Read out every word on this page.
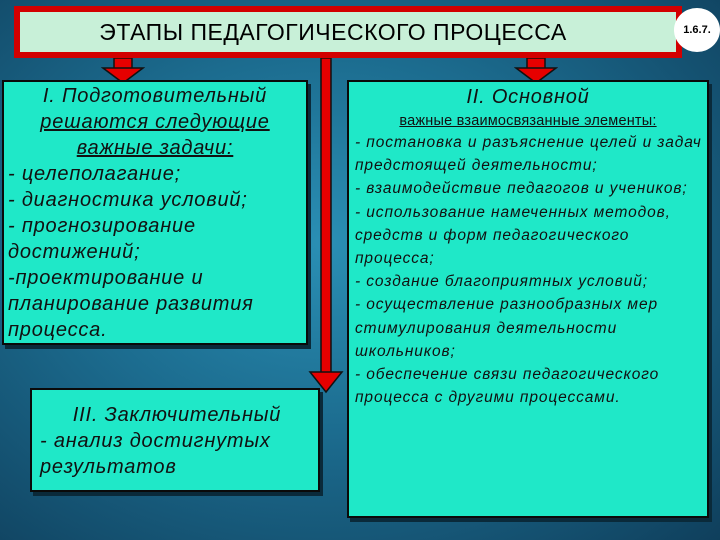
ЭТАПЫ ПЕДАГОГИЧЕСКОГО ПРОЦЕССА	1.6.7.
I. Подготовительный
решаются следующие важные задачи:
- целеполагание;
- диагностика условий;
- прогнозирование достижений;
-проектирование и планирование развития процесса.
III. Заключительный
- анализ достигнутых результатов
II. Основной
важные взаимосвязанные элементы:
- постановка и разъяснение целей и задач предстоящей деятельности;
- взаимодействие педагогов и учеников;
- использование намеченных методов, средств и форм педагогического процесса;
- создание благоприятных условий;
- осуществление разнообразных мер стимулирования деятельности школьников;
- обеспечение связи педагогического процесса с другими процессами.
